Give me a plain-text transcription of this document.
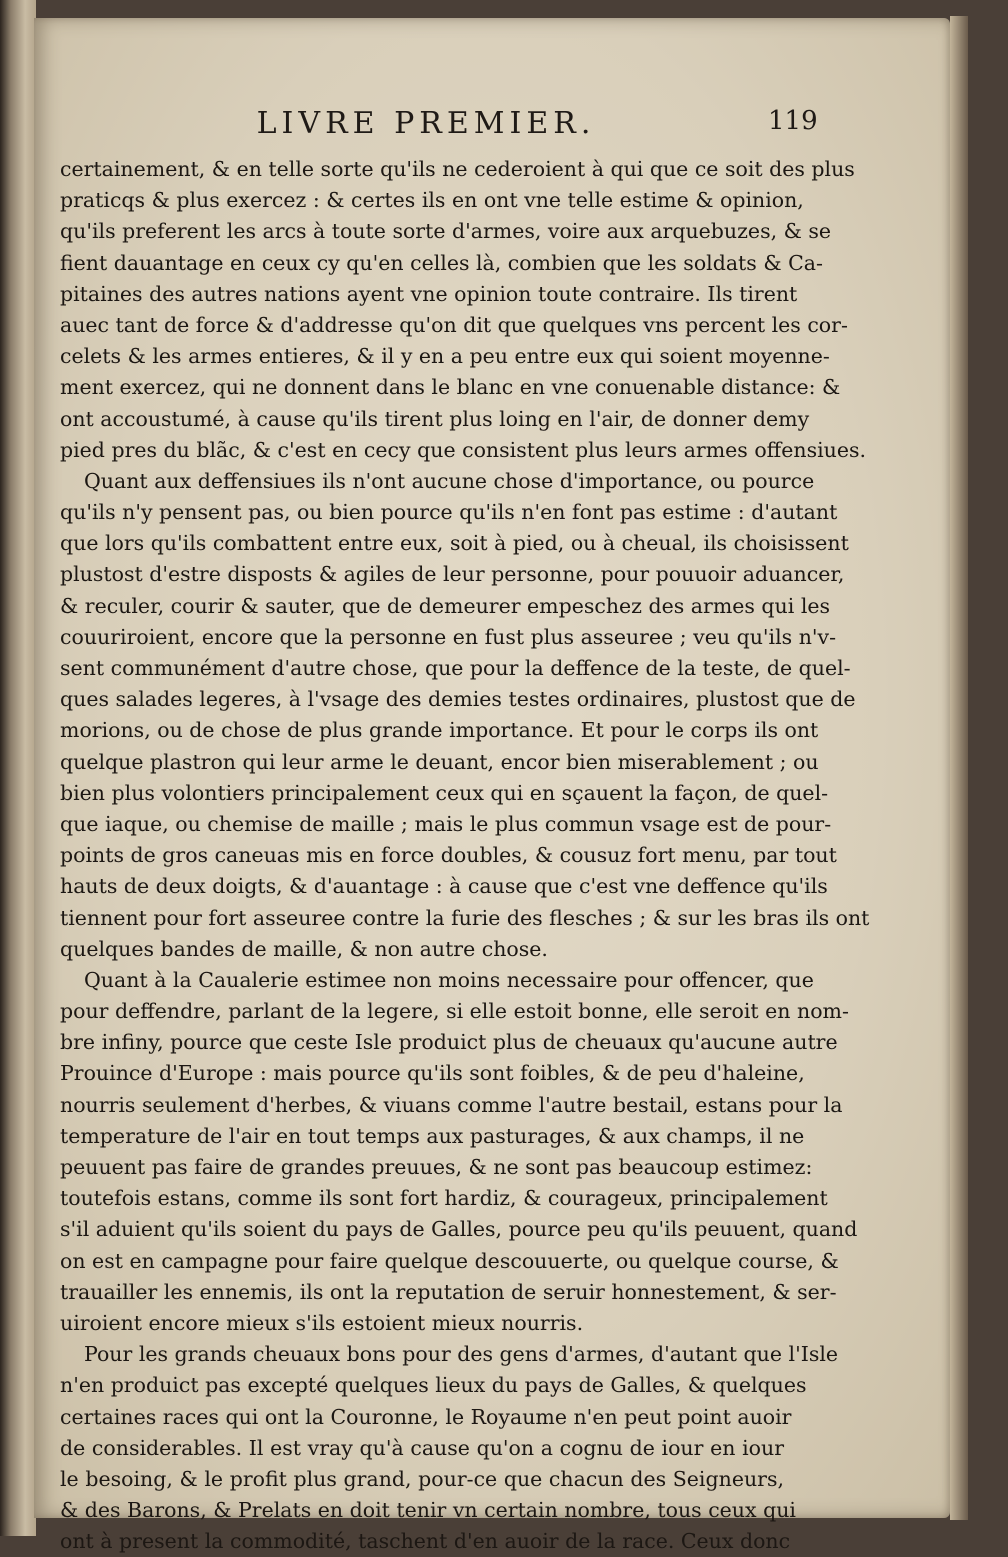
LIVRE PREMIER.	119
certainement, & en telle sorte qu'ils ne cederoient à qui que ce soit des plus
praticqs & plus exercez : & certes ils en ont vne telle estime & opinion,
qu'ils preferent les arcs à toute sorte d'armes, voire aux arquebuzes, & se
fient dauantage en ceux cy qu'en celles là, combien que les soldats & Ca-
pitaines des autres nations ayent vne opinion toute contraire. Ils tirent
auec tant de force & d'addresse qu'on dit que quelques vns percent les cor-
celets & les armes entieres, & il y en a peu entre eux qui soient moyenne-
ment exercez, qui ne donnent dans le blanc en vne conuenable distance: &
ont accoustumé, à cause qu'ils tirent plus loing en l'air, de donner demy
pied pres du blãc, & c'est en cecy que consistent plus leurs armes offensiues.
Quant aux deffensiues ils n'ont aucune chose d'importance, ou pource
qu'ils n'y pensent pas, ou bien pource qu'ils n'en font pas estime : d'autant
que lors qu'ils combattent entre eux, soit à pied, ou à cheual, ils choisissent
plustost d'estre disposts & agiles de leur personne, pour pouuoir aduancer,
& reculer, courir & sauter, que de demeurer empeschez des armes qui les
couuriroient, encore que la personne en fust plus asseuree ; veu qu'ils n'v-
sent communément d'autre chose, que pour la deffence de la teste, de quel-
ques salades legeres, à l'vsage des demies testes ordinaires, plustost que de
morions, ou de chose de plus grande importance. Et pour le corps ils ont
quelque plastron qui leur arme le deuant, encor bien miserablement ; ou
bien plus volontiers principalement ceux qui en sçauent la façon, de quel-
que iaque, ou chemise de maille ; mais le plus commun vsage est de pour-
points de gros caneuas mis en force doubles, & cousuz fort menu, par tout
hauts de deux doigts, & d'auantage : à cause que c'est vne deffence qu'ils
tiennent pour fort asseuree contre la furie des flesches ; & sur les bras ils ont
quelques bandes de maille, & non autre chose.
Quant à la Caualerie estimee non moins necessaire pour offencer, que
pour deffendre, parlant de la legere, si elle estoit bonne, elle seroit en nom-
bre infiny, pource que ceste Isle produict plus de cheuaux qu'aucune autre
Prouince d'Europe : mais pource qu'ils sont foibles, & de peu d'haleine,
nourris seulement d'herbes, & viuans comme l'autre bestail, estans pour la
temperature de l'air en tout temps aux pasturages, & aux champs, il ne
peuuent pas faire de grandes preuues, & ne sont pas beaucoup estimez:
toutefois estans, comme ils sont fort hardiz, & courageux, principalement
s'il aduient qu'ils soient du pays de Galles, pource peu qu'ils peuuent, quand
on est en campagne pour faire quelque descouuerte, ou quelque course, &
trauailler les ennemis, ils ont la reputation de seruir honnestement, & ser-
uiroient encore mieux s'ils estoient mieux nourris.
Pour les grands cheuaux bons pour des gens d'armes, d'autant que l'Isle
n'en produict pas excepté quelques lieux du pays de Galles, & quelques
certaines races qui ont la Couronne, le Royaume n'en peut point auoir
de considerables. Il est vray qu'à cause qu'on a cognu de iour en iour
le besoing, & le profit plus grand, pour-ce que chacun des Seigneurs,
& des Barons, & Prelats en doit tenir vn certain nombre, tous ceux qui
ont à present la commodité, taschent d'en auoir de la race. Ceux donc
